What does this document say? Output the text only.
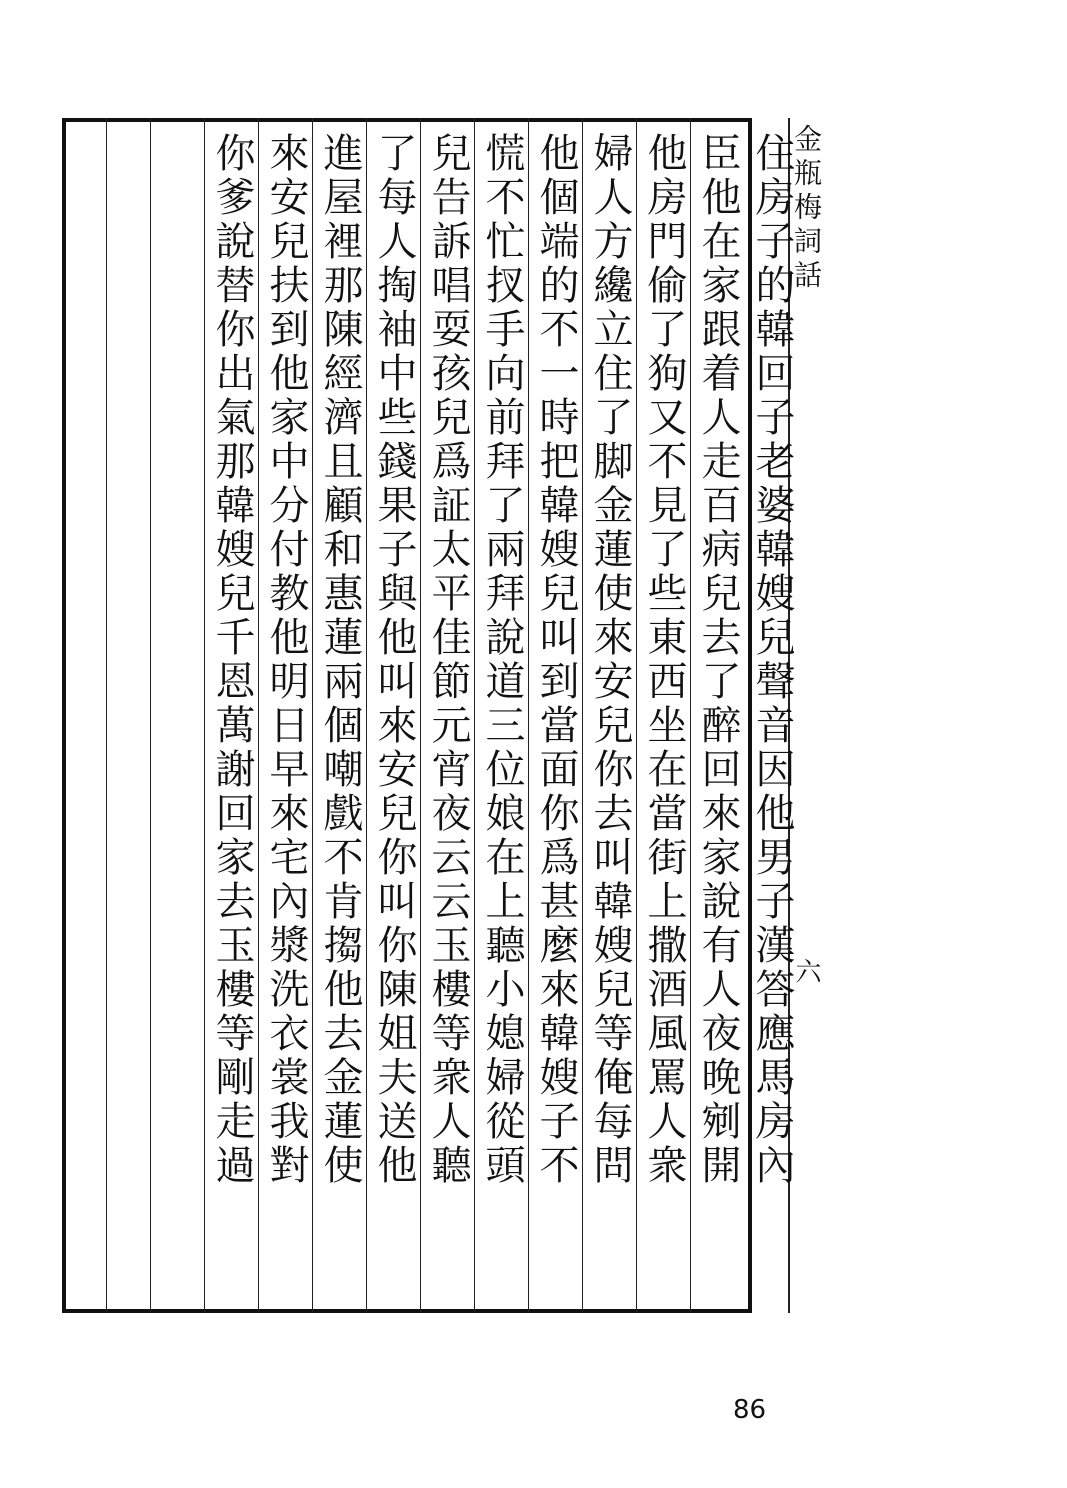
金瓶梅詞話
六
住房子的韓回子老婆韓嫂兒聲音因他男子漢答應馬房內
臣他在家跟着人走百病兒去了醉回來家說有人夜晚剜開
他房門偷了狗又不見了些東西坐在當街上撒酒風罵人衆
婦人方纔立住了脚金蓮使來安兒你去叫韓嫂兒等俺每問
他個端的不一時把韓嫂兒叫到當面你爲甚麼來韓嫂子不
慌不忙扠手向前拜了兩拜說道三位娘在上聽小媳婦從頭
兒告訴唱耍孩兒爲証太平佳節元宵夜云云玉樓等衆人聽
了每人掏袖中些錢果子與他叫來安兒你叫你陳姐夫送他
進屋裡那陳經濟且顧和惠蓮兩個嘲戲不肯搊他去金蓮使
來安兒扶到他家中分付教他明日早來宅內漿洗衣裳我對
你爹說替你出氣那韓嫂兒千恩萬謝回家去玉樓等剛走過
86
